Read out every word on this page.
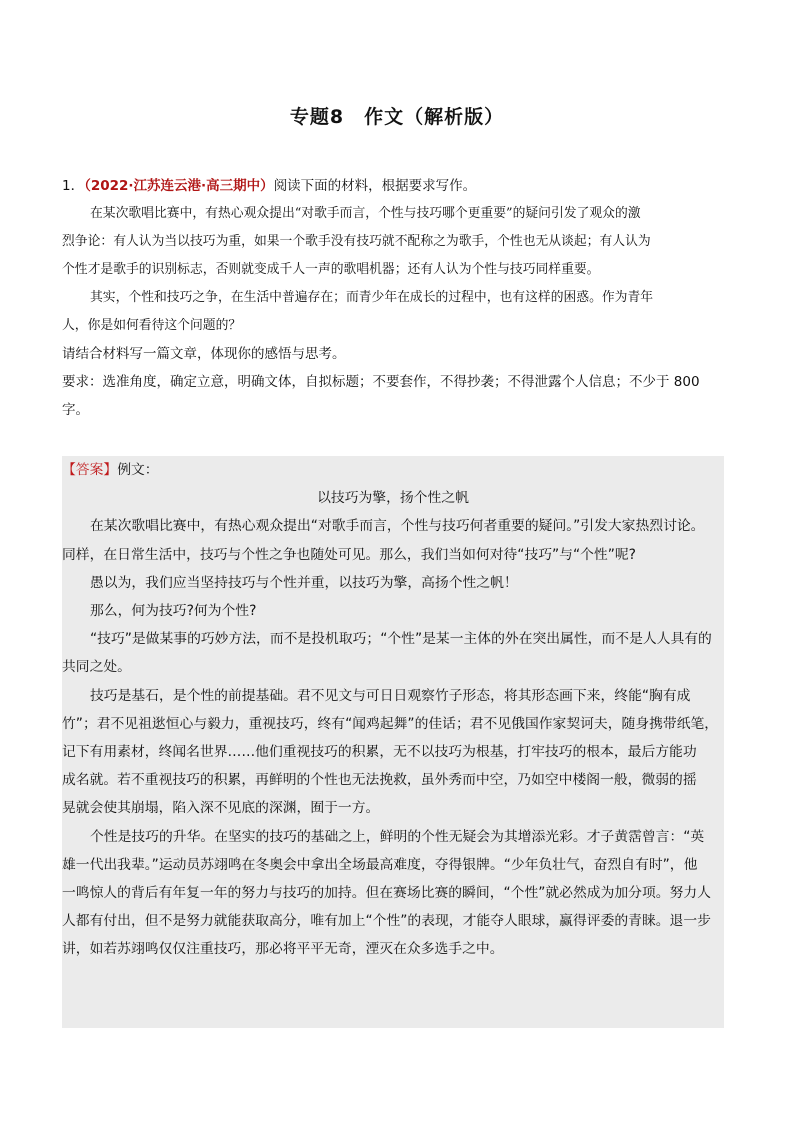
专题8　作文（解析版）
1．（2022·江苏连云港·高三期中）阅读下面的材料，根据要求写作。
在某次歌唱比赛中，有热心观众提出“对歌手而言，个性与技巧哪个更重要”的疑问引发了观众的激
烈争论：有人认为当以技巧为重，如果一个歌手没有技巧就不配称之为歌手，个性也无从谈起；有人认为
个性才是歌手的识别标志，否则就变成千人一声的歌唱机器；还有人认为个性与技巧同样重要。
其实，个性和技巧之争，在生活中普遍存在；而青少年在成长的过程中，也有这样的困惑。作为青年
人，你是如何看待这个问题的？
请结合材料写一篇文章，体现你的感悟与思考。
要求：选准角度，确定立意，明确文体，自拟标题；不要套作，不得抄袭；不得泄露个人信息；不少于 800
字。
【答案】例文：
以技巧为擎，扬个性之帆
在某次歌唱比赛中，有热心观众提出“对歌手而言，个性与技巧何者重要的疑问。”引发大家热烈讨论。
同样，在日常生活中，技巧与个性之争也随处可见。那么，我们当如何对待“技巧”与“个性”呢?
愚以为，我们应当坚持技巧与个性并重，以技巧为擎，高扬个性之帆！
那么，何为技巧?何为个性?
“技巧”是做某事的巧妙方法，而不是投机取巧；“个性”是某一主体的外在突出属性，而不是人人具有的
共同之处。
技巧是基石，是个性的前提基础。君不见文与可日日观察竹子形态，将其形态画下来，终能“胸有成
竹”；君不见祖逖恒心与毅力，重视技巧，终有“闻鸡起舞”的佳话；君不见俄国作家契诃夫，随身携带纸笔，
记下有用素材，终闻名世界……他们重视技巧的积累，无不以技巧为根基，打牢技巧的根本，最后方能功
成名就。若不重视技巧的积累，再鲜明的个性也无法挽救，虽外秀而中空，乃如空中楼阁一般，微弱的摇
晃就会使其崩塌，陷入深不见底的深渊，囿于一方。
个性是技巧的升华。在坚实的技巧的基础之上，鲜明的个性无疑会为其增添光彩。才子黄霑曾言：“英
雄一代出我辈。”运动员苏翊鸣在冬奥会中拿出全场最高难度，夺得银牌。“少年负壮气，奋烈自有时”，他
一鸣惊人的背后有年复一年的努力与技巧的加持。但在赛场比赛的瞬间，“个性”就必然成为加分项。努力人
人都有付出，但不是努力就能获取高分，唯有加上“个性”的表现，才能夺人眼球，赢得评委的青睐。退一步
讲，如若苏翊鸣仅仅注重技巧，那必将平平无奇，湮灭在众多选手之中。
